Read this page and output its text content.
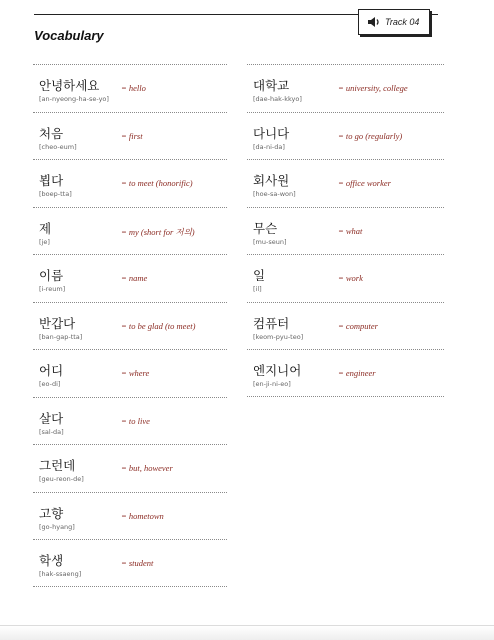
Track 04
Vocabulary
안녕하세요
[an-nyeong-ha-se-yo]
= hello
처음
[cheo-eum]
= first
뵙다
[boep-tta]
= to meet (honorific)
제
[je]
= my (short for 저의)
이름
[i-reum]
= name
반갑다
[ban-gap-tta]
= to be glad (to meet)
어디
[eo-di]
= where
살다
[sal-da]
= to live
그런데
[geu-reon-de]
= but, however
고향
[go-hyang]
= hometown
학생
[hak-ssaeng]
= student
대학교
[dae-hak-kkyo]
= university, college
다니다
[da-ni-da]
= to go (regularly)
회사원
[hoe-sa-won]
= office worker
무슨
[mu-seun]
= what
일
[il]
= work
컴퓨터
[keom-pyu-teo]
= computer
엔지니어
[en-ji-ni-eo]
= engineer
